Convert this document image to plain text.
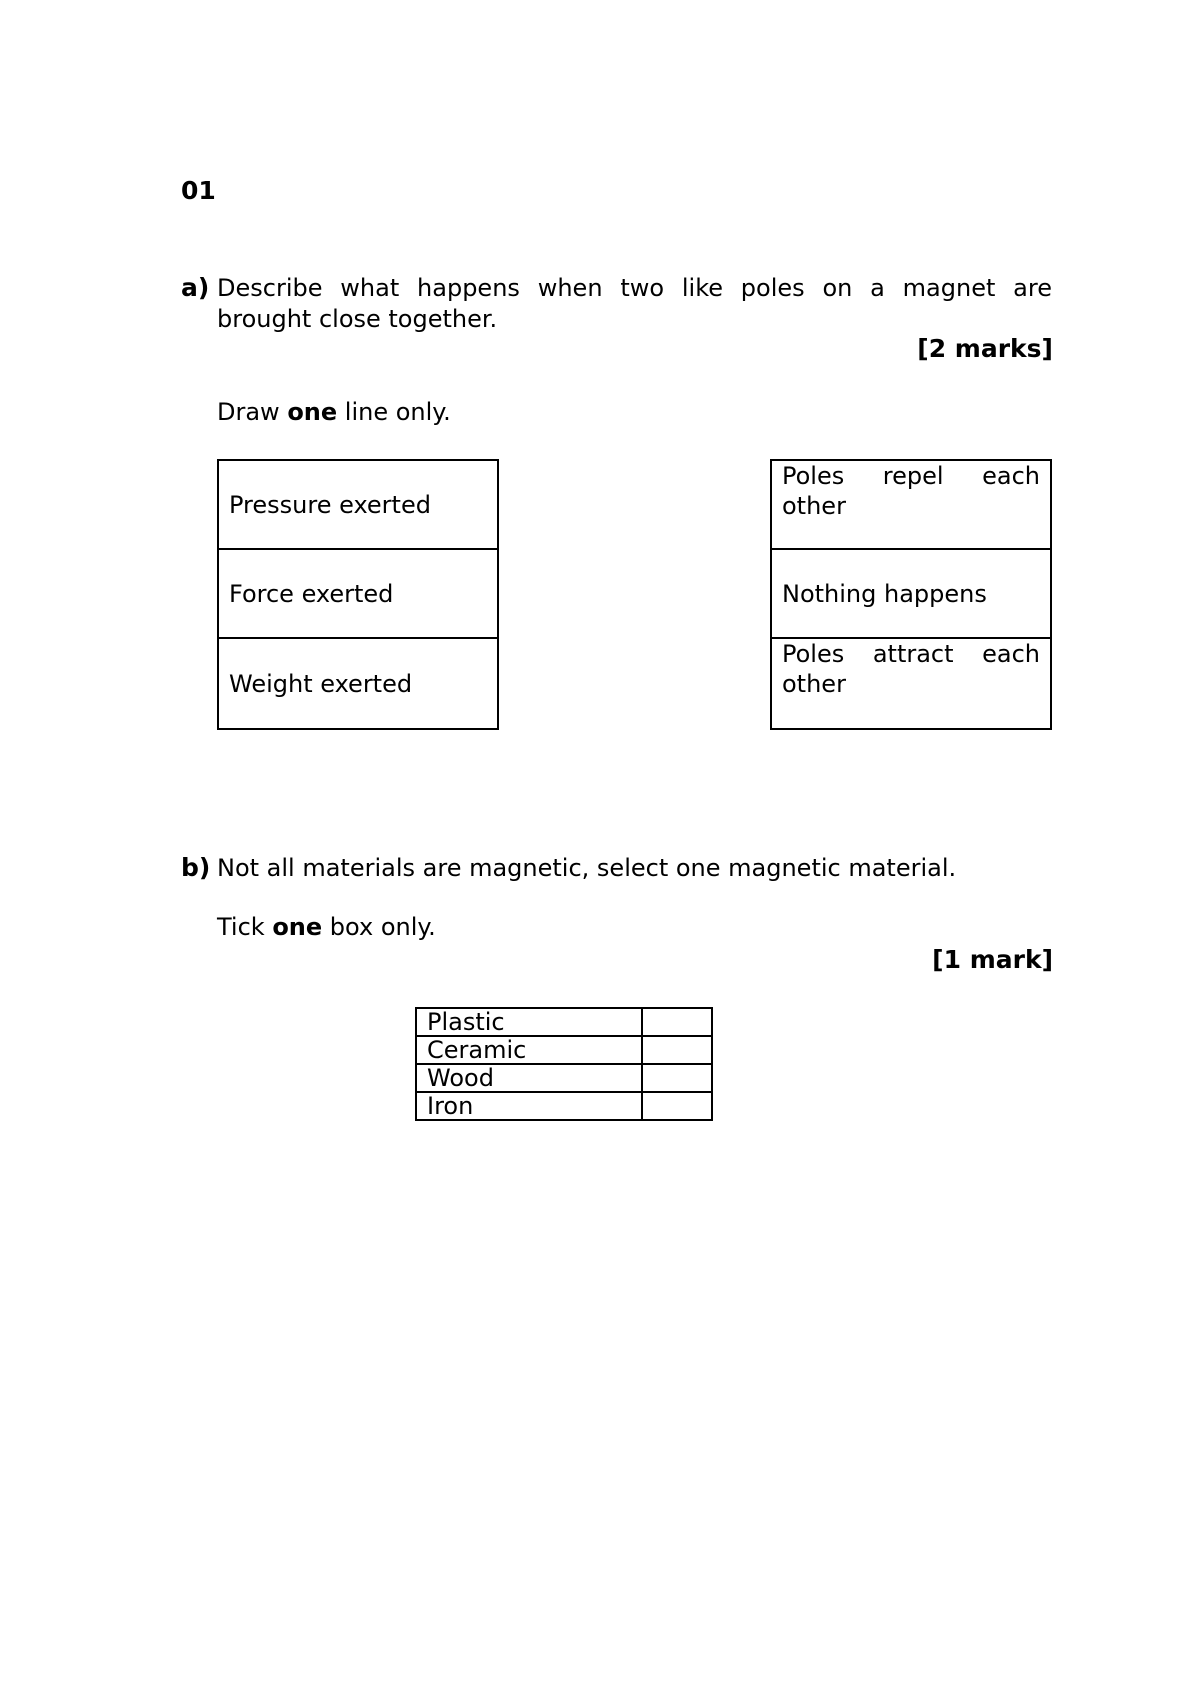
01
a) Describe what happens when two like poles on a magnet are brought close together.
[2 marks]
Draw one line only.
Pressure exerted
Force exerted
Weight exerted
Poles repel each
other
Nothing happens
Poles attract each
other
b) Not all materials are magnetic, select one magnetic material.
Tick one box only.
[1 mark]
Plastic	
Ceramic	
Wood	
Iron	
